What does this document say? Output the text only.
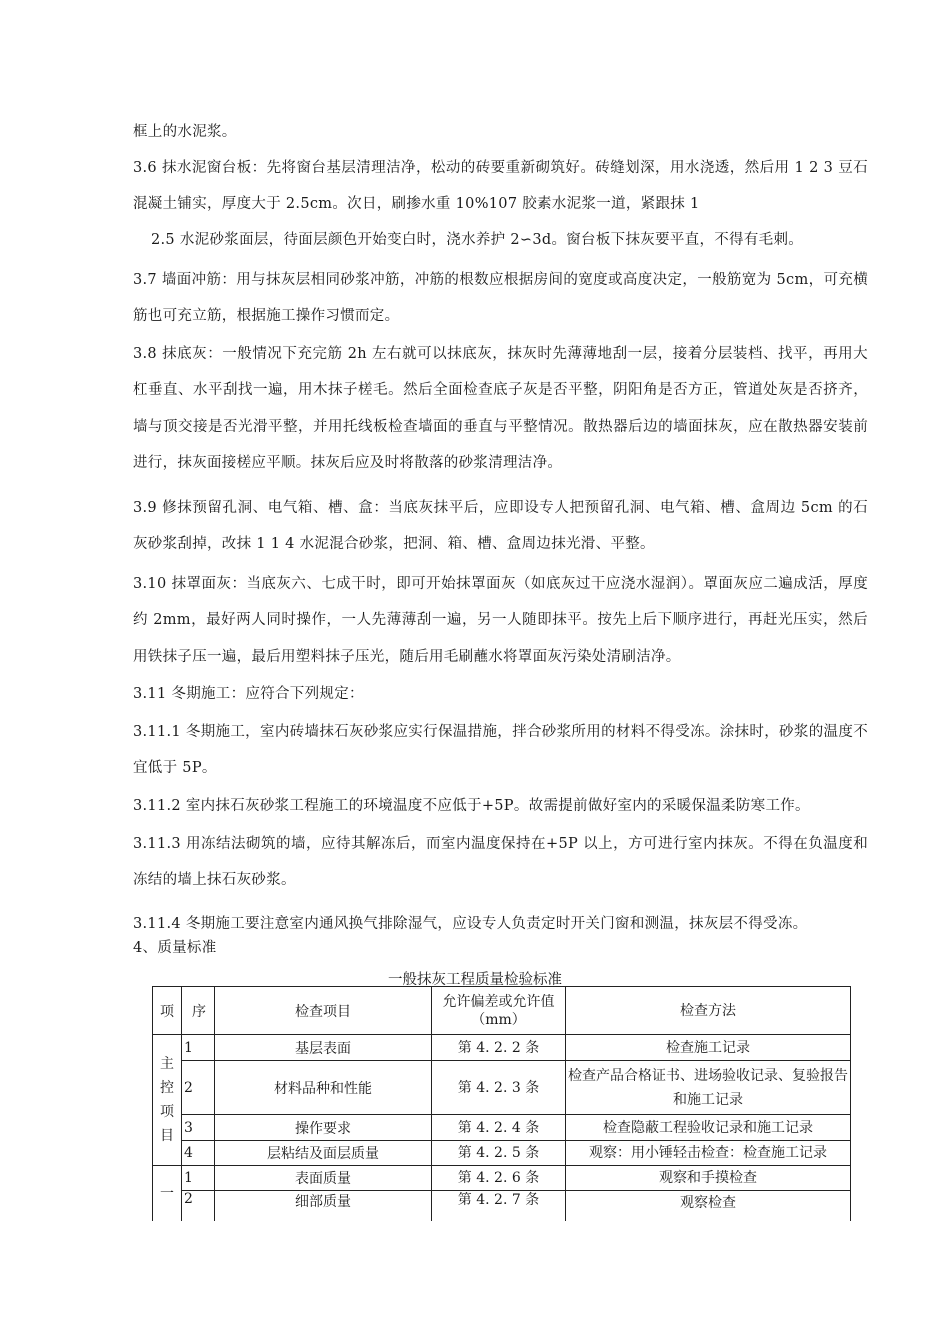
框上的水泥浆。
3.6 抹水泥窗台板：先将窗台基层清理洁净，松动的砖要重新砌筑好。砖缝划深，用水浇透，然后用 1 2 3 豆石混凝土铺实，厚度大于 2.5cm。次日，刷掺水重 10%107 胶素水泥浆一道，紧跟抹 1
2.5 水泥砂浆面层，待面层颜色开始变白时，浇水养护 2∽3d。窗台板下抹灰要平直，不得有毛刺。
3.7 墙面冲筋：用与抹灰层相同砂浆冲筋，冲筋的根数应根据房间的宽度或高度决定，一般筋宽为 5cm，可充横筋也可充立筋，根据施工操作习惯而定。
3.8 抹底灰：一般情况下充完筋 2h 左右就可以抹底灰，抹灰时先薄薄地刮一层，接着分层装档、找平，再用大杠垂直、水平刮找一遍，用木抹子槎毛。然后全面检查底子灰是否平整，阴阳角是否方正，管道处灰是否挤齐，墙与顶交接是否光滑平整，并用托线板检查墙面的垂直与平整情况。散热器后边的墙面抹灰，应在散热器安装前进行，抹灰面接槎应平顺。抹灰后应及时将散落的砂浆清理洁净。
3.9 修抹预留孔洞、电气箱、槽、盒：当底灰抹平后，应即设专人把预留孔洞、电气箱、槽、盒周边 5cm 的石灰砂浆刮掉，改抹 1 1 4 水泥混合砂浆，把洞、箱、槽、盒周边抹光滑、平整。
3.10 抹罩面灰：当底灰六、七成干时，即可开始抹罩面灰（如底灰过干应浇水湿润）。罩面灰应二遍成活，厚度约 2mm，最好两人同时操作，一人先薄薄刮一遍，另一人随即抹平。按先上后下顺序进行，再赶光压实，然后用铁抹子压一遍，最后用塑料抹子压光，随后用毛刷蘸水将罩面灰污染处清刷洁净。
3.11 冬期施工：应符合下列规定：
3.11.1 冬期施工，室内砖墙抹石灰砂浆应实行保温措施，拌合砂浆所用的材料不得受冻。涂抹时，砂浆的温度不宜低于 5P。
3.11.2 室内抹石灰砂浆工程施工的环境温度不应低于+5P。故需提前做好室内的采暖保温柔防寒工作。
3.11.3 用冻结法砌筑的墙，应待其解冻后，而室内温度保持在+5P 以上，方可进行室内抹灰。不得在负温度和冻结的墙上抹石灰砂浆。
3.11.4 冬期施工要注意室内通风换气排除湿气，应设专人负责定时开关门窗和测温，抹灰层不得受冻。
4、质量标准
一般抹灰工程质量检验标准
项	序	检查项目	允许偏差或允许值（mm）	检查方法

主
控
项
目	1	基层表面	第 4. 2. 2 条	检查施工记录
	2	材料品种和性能	第 4. 2. 3 条	检查产品合格证书、进场验收记录、复验报告和施工记录
	3	操作要求	第 4. 2. 4 条	检查隐蔽工程验收记录和施工记录
	4	层粘结及面层质量	第 4. 2. 5 条	观察：用小锤轻击检查：检查施工记录
一	1	表面质量	第 4. 2. 6 条	观察和手摸检查
	2	细部质量	第 4. 2. 7 条	观察检查
